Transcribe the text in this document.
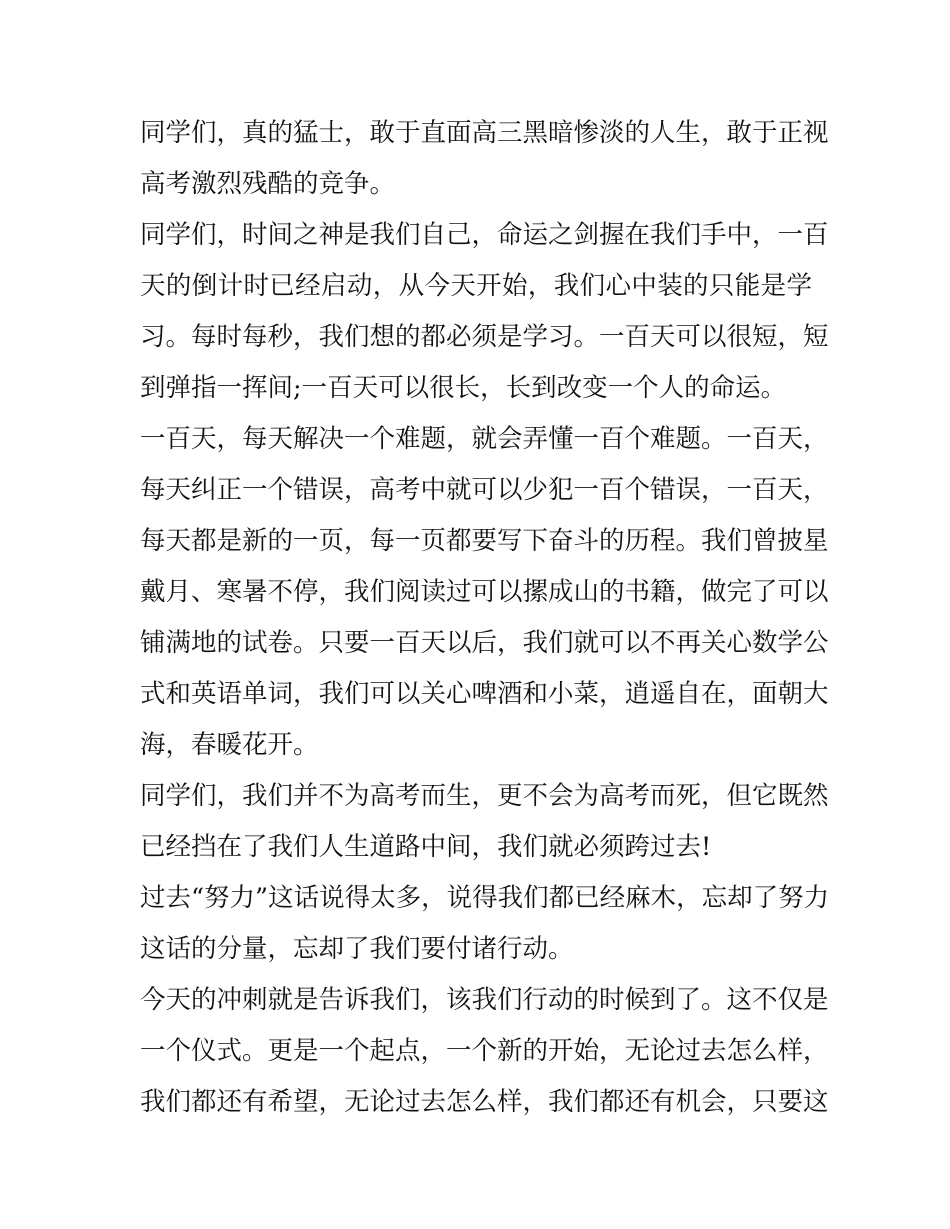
同学们，真的猛士，敢于直面高三黑暗惨淡的人生，敢于正视
高考激烈残酷的竞争。
同学们，时间之神是我们自己，命运之剑握在我们手中，一百
天的倒计时已经启动，从今天开始，我们心中装的只能是学
习。每时每秒，我们想的都必须是学习。一百天可以很短，短
到弹指一挥间;一百天可以很长，长到改变一个人的命运。
一百天，每天解决一个难题，就会弄懂一百个难题。一百天，
每天纠正一个错误，高考中就可以少犯一百个错误，一百天，
每天都是新的一页，每一页都要写下奋斗的历程。我们曾披星
戴月、寒暑不停，我们阅读过可以摞成山的书籍，做完了可以
铺满地的试卷。只要一百天以后，我们就可以不再关心数学公
式和英语单词，我们可以关心啤酒和小菜，逍遥自在，面朝大
海，春暖花开。
同学们，我们并不为高考而生，更不会为高考而死，但它既然
已经挡在了我们人生道路中间，我们就必须跨过去!
过去“努力”这话说得太多，说得我们都已经麻木，忘却了努力
这话的分量，忘却了我们要付诸行动。
今天的冲刺就是告诉我们，该我们行动的时候到了。这不仅是
一个仪式。更是一个起点，一个新的开始，无论过去怎么样，
我们都还有希望，无论过去怎么样，我们都还有机会，只要这
